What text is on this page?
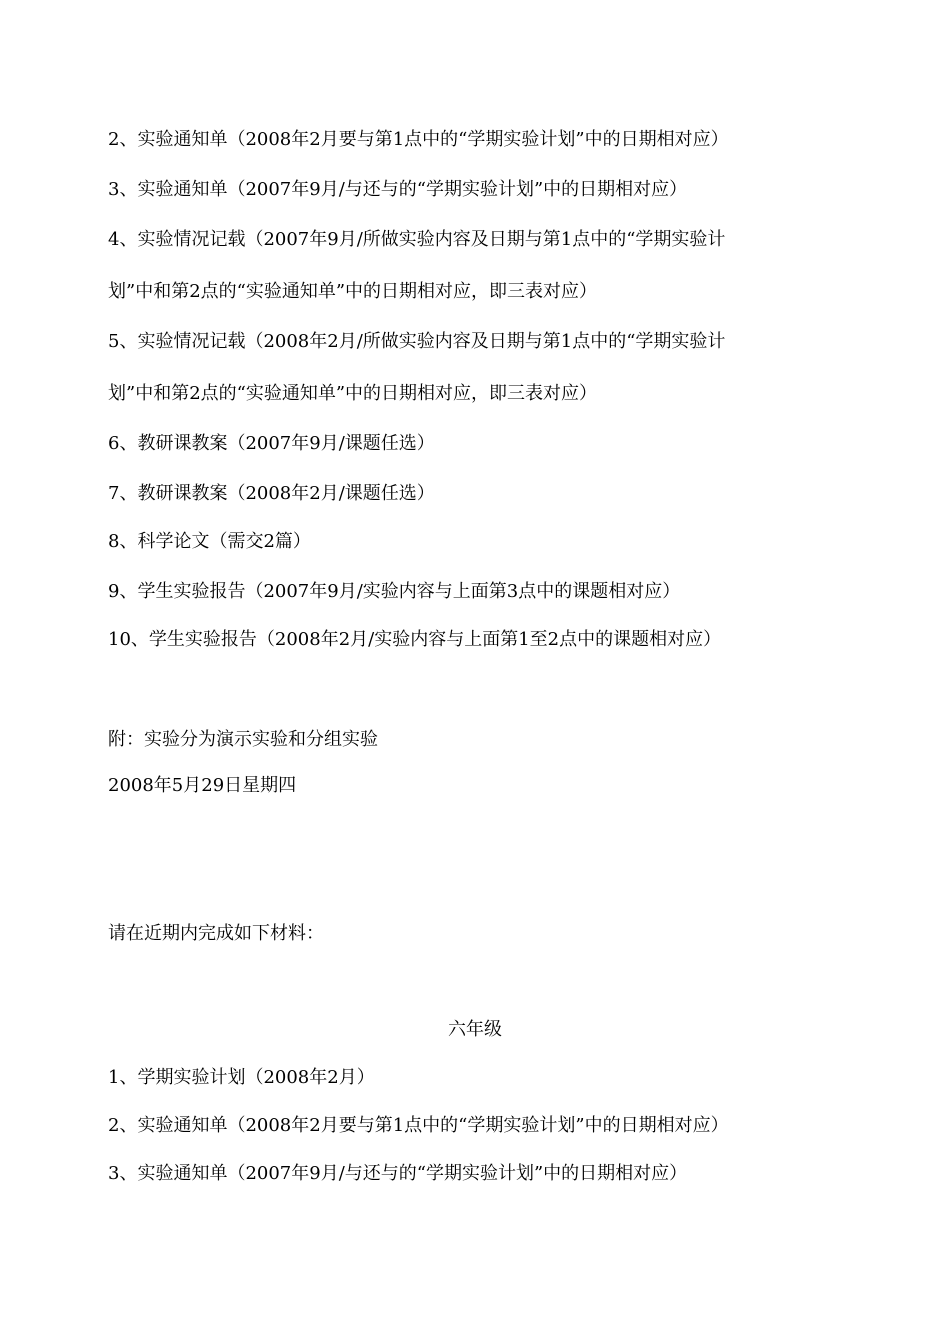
2、实验通知单（2008年2月要与第1点中的“学期实验计划”中的日期相对应）
3、实验通知单（2007年9月/与还与的“学期实验计划”中的日期相对应）
4、实验情况记载（2007年9月/所做实验内容及日期与第1点中的“学期实验计
划”中和第2点的“实验通知单”中的日期相对应，即三表对应）
5、实验情况记载（2008年2月/所做实验内容及日期与第1点中的“学期实验计
划”中和第2点的“实验通知单”中的日期相对应，即三表对应）
6、教研课教案（2007年9月/课题任选）
7、教研课教案（2008年2月/课题任选）
8、科学论文（需交2篇）
9、学生实验报告（2007年9月/实验内容与上面第3点中的课题相对应）
10、学生实验报告（2008年2月/实验内容与上面第1至2点中的课题相对应）
附：实验分为演示实验和分组实验
2008年5月29日星期四
请在近期内完成如下材料：
六年级
1、学期实验计划（2008年2月）
2、实验通知单（2008年2月要与第1点中的“学期实验计划”中的日期相对应）
3、实验通知单（2007年9月/与还与的“学期实验计划”中的日期相对应）
